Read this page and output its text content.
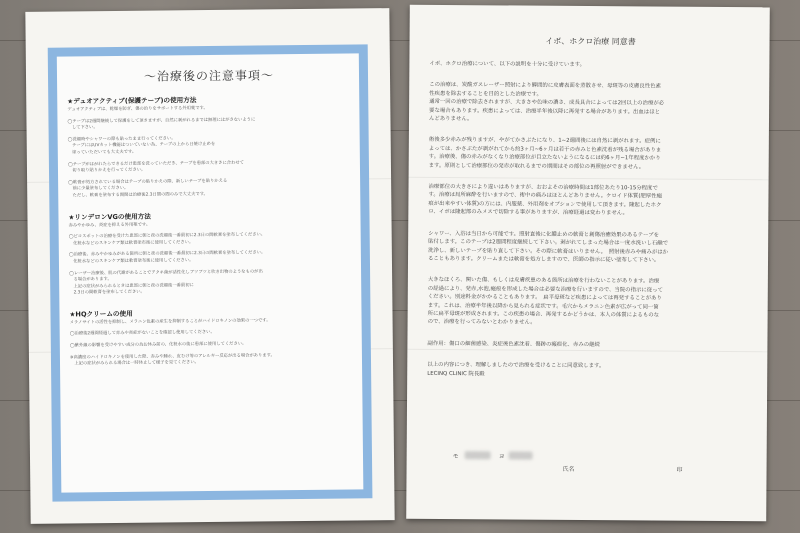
〜治療後の注意事項〜
★デュオアクティブ(保護テープ)の使用方法
デュオアクティブは、乾燥を防ぎ、傷の治りをサポートする外用薬です。
◯テープは2週間継続して保護をして頂きますが、自然に剥がれるまでは無理にはがさないように
　して下さい。
◯洗顔時やシャワーの際も貼ったまま行ってください。
　テープにはUVカット機能はついていない為、テープの上から日焼け止めを
　塗っていただいても大丈夫です。
◯テープがはがれたらできるだけ患部を洗っていただき、テープを患部の大きさに合わせて
　切り取り貼りかえを行ってください。
◯軟膏が処方されている場合はテープの貼りかえの際、新しいテープを貼りかえる
　前に少量塗布してください。
　ただし、軟膏を塗布する期間は治療後2.3日間の間のみで大丈夫です。
★リンデロンVGの使用方法
赤みやかゆみ、炎症を抑える外用薬です。
◯ピコスポットの治療を受けた患部に朝と夜の洗顔後一番最初に2.3日の間軟膏を塗布してください。
　化粧水などのスキンケア類は軟膏塗布後に使用してください。
◯治療後、赤みやかゆみがある箇所に朝と夜の洗顔後一番最初に2.3日の間軟膏を塗布してください。
　化粧水などのスキンケア類は軟膏塗布後に使用してください。
◯レーザー治療後、肌の代謝があることでアクネ菌が活性化しブツブツと吹き出物のようなものが出
　る場合があります。
　上記の症状がみられるときは患部に朝と夜の洗顔後一番最初に
　2.3日の間軟膏を塗布してください。
★HQクリームの使用
メラノサイトの活性を抑制し、メラニン色素の産生を抑制することがハイドロキノンの効果の一つです。
◯治療後2週間経過して赤みや炎症がないことを確認し使用してください。
◯紫外線の影響を受けやすい成分の為お休み前の、化粧水の後に患部に使用してください。
※高濃度のハイドロキノンを使用した際、赤みや腫れ、皮むけ等のアレルギー反応が出る場合があります。
　上記の症状がみられる場合は一時休止して様子を見てください。
イボ、ホクロ治療 同意書
イボ、ホクロ治療について、以下の説明を十分に受けています。
この治療は、炭酸ガスレーザー照射により瞬間的に皮膚表面を蒸散させ、母斑等の皮膚良性色素
性疾患を除去することを目的とした治療です。
通常一回の治療で除去されますが、大きさや色味の濃さ、成長具合によっては2回以上の治療が必
要な場合もあります。疾患によっては、治療半年後以降に再発する場合があります。出血はほと
んどありません。
術後多少赤みが残りますが、やがてかさぶたになり、1~2週間後には自然に剥がれます。症例に
よっては、かさぶたが剥がれてから約3ヶ月~6ヶ月は若干の赤みと色素沈着が残る場合がありま
す。治療後、傷の赤みがなくなり治療部位が目立たないようになるには約6ヶ月~1年程度かかり
ます。原則として治療部位の発赤が取れるまでの期間はその部位の再照射ができません。
治療部位の大きさにより違いはありますが、おおよその治療時間は1部位あたり10-15分程度で
す。治療は局所麻酔を行いますので、術中の痛みはほとんどありません。ケロイド体質(肥厚性瘢
痕が出来やすい体質)の方には、内服薬、外用剤をオプションで使用して頂きます。隆起したホク
ロ、イボは隆起部のみメスで切除する事がありますが、治療経過は変わりません。
シャワー、入浴は当日から可能です。照射直後に化膿止めの軟膏と創傷治癒効果のあるテープを
貼付します。このテープは2週間程度継続して下さい。剥がれてしまった場合は一度水洗いし石鹸で
洗浄し、新しいテープを貼り直して下さい。その際に軟膏はいりません。　照射後赤みや痛みがはか
ることもあります。クリームまたは軟膏を処方しますので、医師の指示に従い塗布して下さい。
大きなほくろ、関いた傷、もしくは皮膚疾患のある箇所は治療を行わないことがあります。治療
の経過により、発赤,水泡,瘢痕を形成した場合は必要な治療を行いますので、当院の指示に従って
ください。別途料金がかかることもあります。　扁平母斑など疾患によっては再発することがあり
ます。これは、治療半年後以降から見られる症状です。毛穴からメラニン色素が広がって同一箇
所に扁平母斑が形成されます。この疾患の場合、再発するかどうかは、本人の体質によるものな
ので、治療を行ってみないとわかりません。
副作用：傷口の細菌感染、炎症後色素沈着、傷跡の瘢痕化、赤みの継続
以上の内容につき、理解しましたので治療を受けることに同意致します。
LECINQ CLINIC 院長殿
モ	ヨ
氏名	印
